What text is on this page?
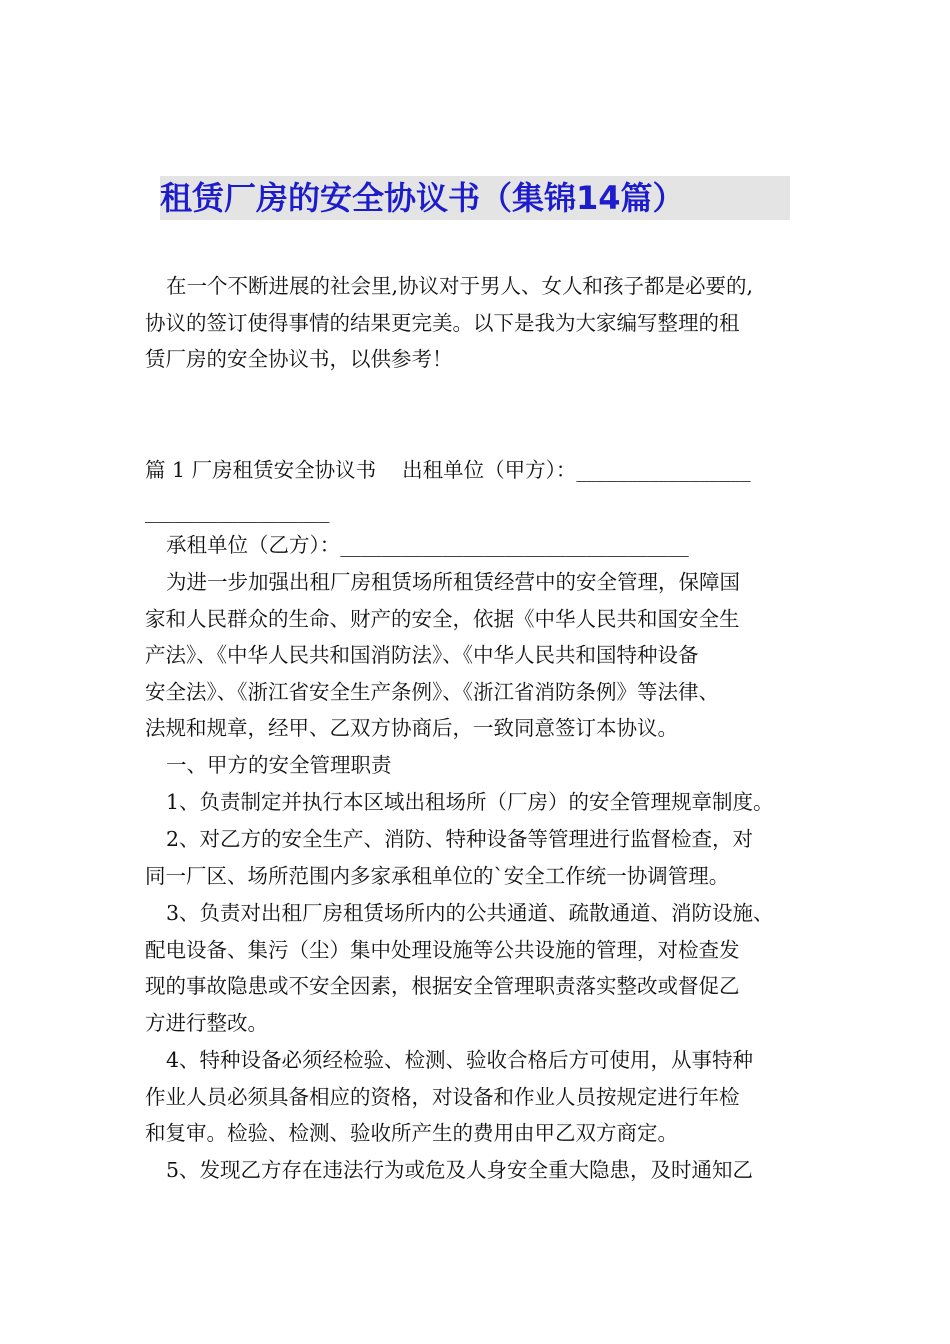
租赁厂房的安全协议书（集锦14篇）
在一个不断进展的社会里,协议对于男人、女人和孩子都是必要的,
协议的签订使得事情的结果更完美。以下是我为大家编写整理的租
赁厂房的安全协议书，以供参考！
篇 1 厂房租赁安全协议书    出租单位（甲方）：_________________
__________________
承租单位（乙方）：__________________________________
为进一步加强出租厂房租赁场所租赁经营中的安全管理，保障国
家和人民群众的生命、财产的安全，依据《中华人民共和国安全生
产法》、《中华人民共和国消防法》、《中华人民共和国特种设备
安全法》、《浙江省安全生产条例》、《浙江省消防条例》等法律、
法规和规章，经甲、乙双方协商后，一致同意签订本协议。
一、甲方的安全管理职责
1、负责制定并执行本区域出租场所（厂房）的安全管理规章制度。
2、对乙方的安全生产、消防、特种设备等管理进行监督检查，对
同一厂区、场所范围内多家承租单位的`安全工作统一协调管理。
3、负责对出租厂房租赁场所内的公共通道、疏散通道、消防设施、
配电设备、集污（尘）集中处理设施等公共设施的管理，对检查发
现的事故隐患或不安全因素，根据安全管理职责落实整改或督促乙
方进行整改。
4、特种设备必须经检验、检测、验收合格后方可使用，从事特种
作业人员必须具备相应的资格，对设备和作业人员按规定进行年检
和复审。检验、检测、验收所产生的费用由甲乙双方商定。
5、发现乙方存在违法行为或危及人身安全重大隐患，及时通知乙
